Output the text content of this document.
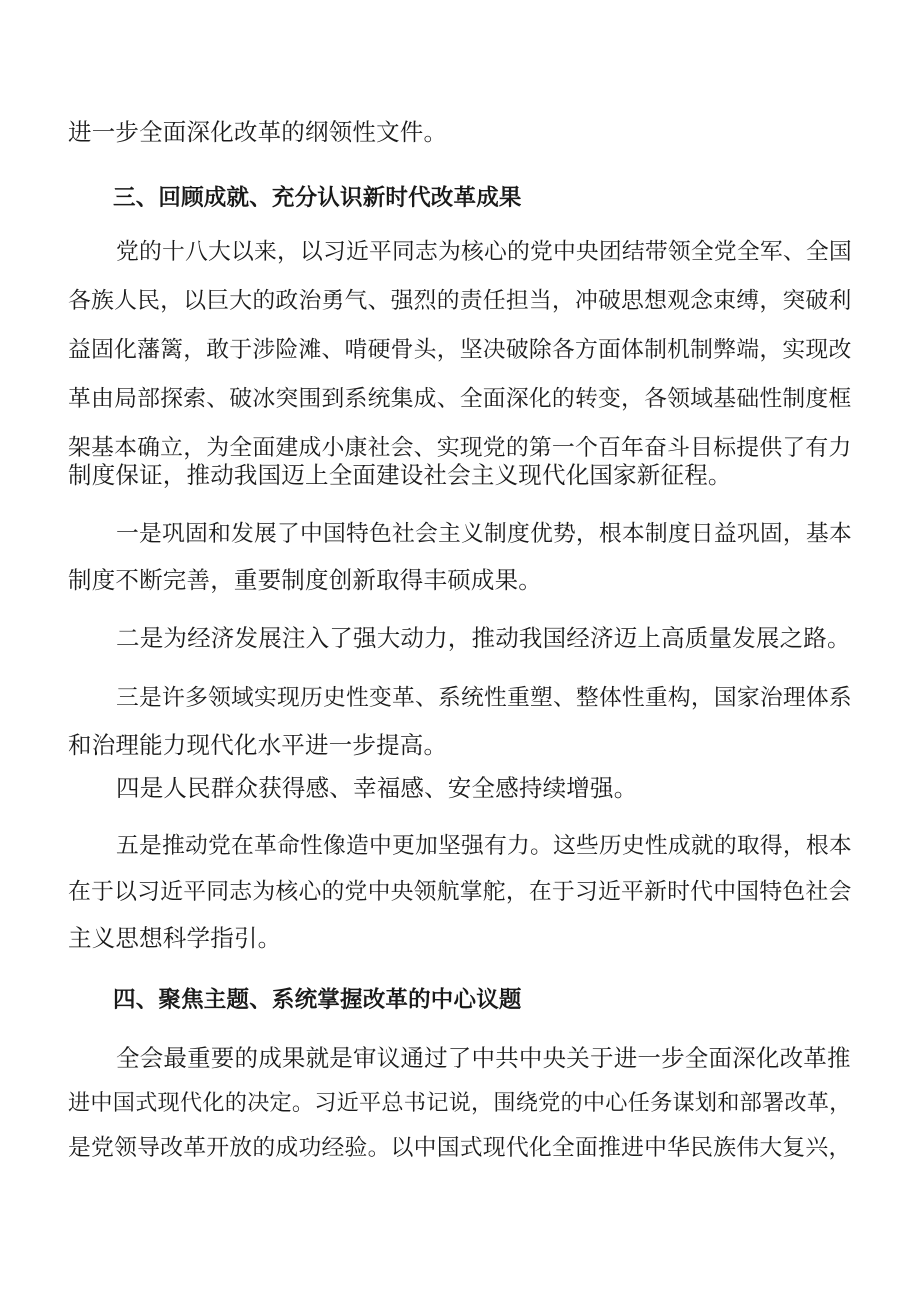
进一步全面深化改革的纲领性文件。
三、回顾成就、充分认识新时代改革成果
党的十八大以来，以习近平同志为核心的党中央团结带领全党全军、全国
各族人民，以巨大的政治勇气、强烈的责任担当，冲破思想观念束缚，突破利
益固化藩篱，敢于涉险滩、啃硬骨头，坚决破除各方面体制机制弊端，实现改
革由局部探索、破冰突围到系统集成、全面深化的转变，各领域基础性制度框
架基本确立，为全面建成小康社会、实现党的第一个百年奋斗目标提供了有力
制度保证，推动我国迈上全面建设社会主义现代化国家新征程。
一是巩固和发展了中国特色社会主义制度优势，根本制度日益巩固，基本
制度不断完善，重要制度创新取得丰硕成果。
二是为经济发展注入了强大动力，推动我国经济迈上高质量发展之路。
三是许多领域实现历史性变革、系统性重塑、整体性重构，国家治理体系
和治理能力现代化水平进一步提高。
四是人民群众获得感、幸福感、安全感持续增强。
五是推动党在革命性像造中更加坚强有力。这些历史性成就的取得，根本
在于以习近平同志为核心的党中央领航掌舵，在于习近平新时代中国特色社会
主义思想科学指引。
四、聚焦主题、系统掌握改革的中心议题
全会最重要的成果就是审议通过了中共中央关于进一步全面深化改革推
进中国式现代化的决定。习近平总书记说，围绕党的中心任务谋划和部署改革，
是党领导改革开放的成功经验。以中国式现代化全面推进中华民族伟大复兴，
